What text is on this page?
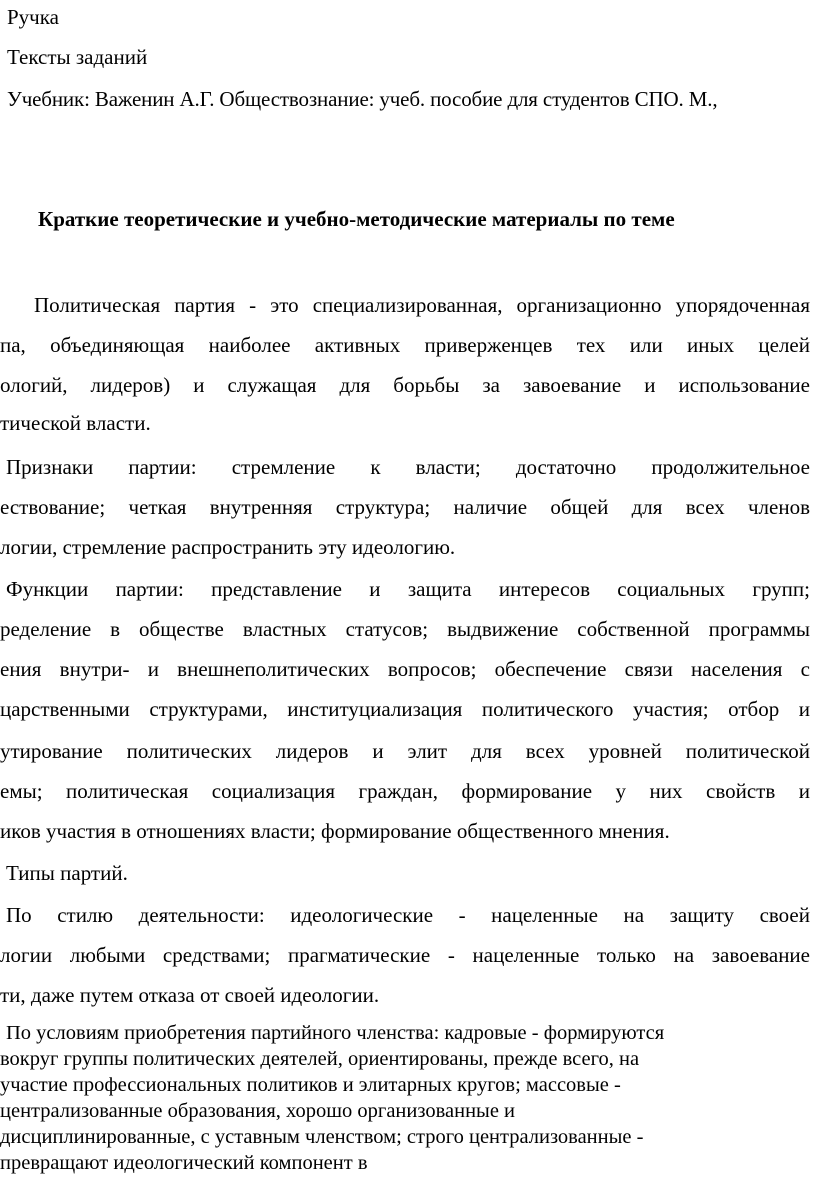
Ручка

Тексты заданий

Учебник: Важенин А.Г. Обществознание: учеб. пособие для студентов СПО. М.,

Краткие теоретические и учебно-методические материалы по теме

Политическая партия - это специализированная, организационно упорядоченная

па, объединяющая наиболее активных приверженцев тех или иных целей

ологий, лидеров) и служащая для борьбы за завоевание и использование

тической власти.

Признаки партии: стремление к власти; достаточно продолжительное

ествование; четкая внутренняя структура; наличие общей для всех членов

логии, стремление распространить эту идеологию.

Функции партии: представление и защита интересов социальных групп;

ределение в обществе властных статусов; выдвижение собственной программы

ения внутри- и внешнеполитических вопросов; обеспечение связи населения с

царственными структурами, институциализация политического участия; отбор и

утирование политических лидеров и элит для всех уровней политической

емы; политическая социализация граждан, формирование у них свойств и

иков участия в отношениях власти; формирование общественного мнения.

Типы партий.

По стилю деятельности: идеологические - нацеленные на защиту своей

логии любыми средствами; прагматические - нацеленные только на завоевание

ти, даже путем отказа от своей идеологии.

По условиям приобретения партийного членства: кадровые - формируются

вокруг группы политических деятелей, ориентированы, прежде всего, на

участие профессиональных политиков и элитарных кругов; массовые -

централизованные образования, хорошо организованные и

дисциплинированные, с уставным членством; строго централизованные -

превращают идеологический компонент в
